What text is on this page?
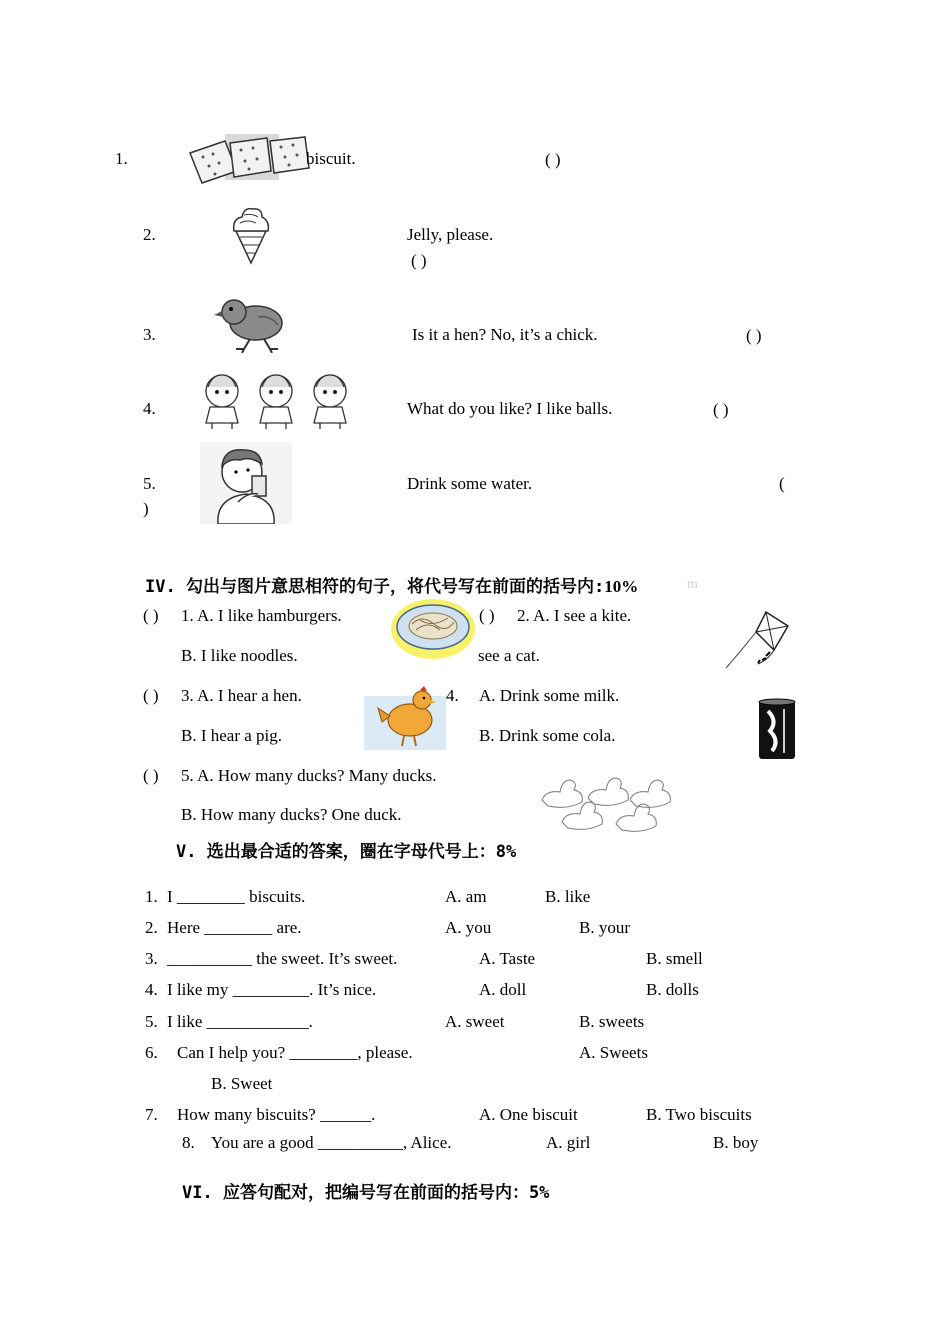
1.	biscuit.	( )
2.	Jelly, please.
( )
3.	Is it a hen? No, it’s a chick.	( )
4.	What do you like? I like balls.	( )
5.	Drink some water.	(
)
IV. 勾出与图片意思相符的句子，将代号写在前面的括号内:10%	m
( ) 1. A. I like hamburgers.
B. I like noodles.
( ) 2. A. I see a kite.
see a cat.
( ) 3. A. I hear a hen.
B. I hear a pig.
4. A. Drink some milk.
B. Drink some cola.
( ) 5. A. How many ducks? Many ducks.
B. How many ducks? One duck.
V. 选出最合适的答案，圈在字母代号上：8%
1. I ________ biscuits.	A. am	B. like
2. Here ________ are.	A. you	B. your
3. __________ the sweet. It’s sweet.	A. Taste	B. smell
4. I like my _________. It’s nice.	A. doll	B. dolls
5. I like ____________.	A. sweet	B. sweets
6. Can I help you? ________, please.	A. Sweets
B. Sweet
7. How many biscuits? ______.	A. One biscuit	B. Two biscuits
8. You are a good __________, Alice.	A. girl	B. boy
VI. 应答句配对，把编号写在前面的括号内：5%
